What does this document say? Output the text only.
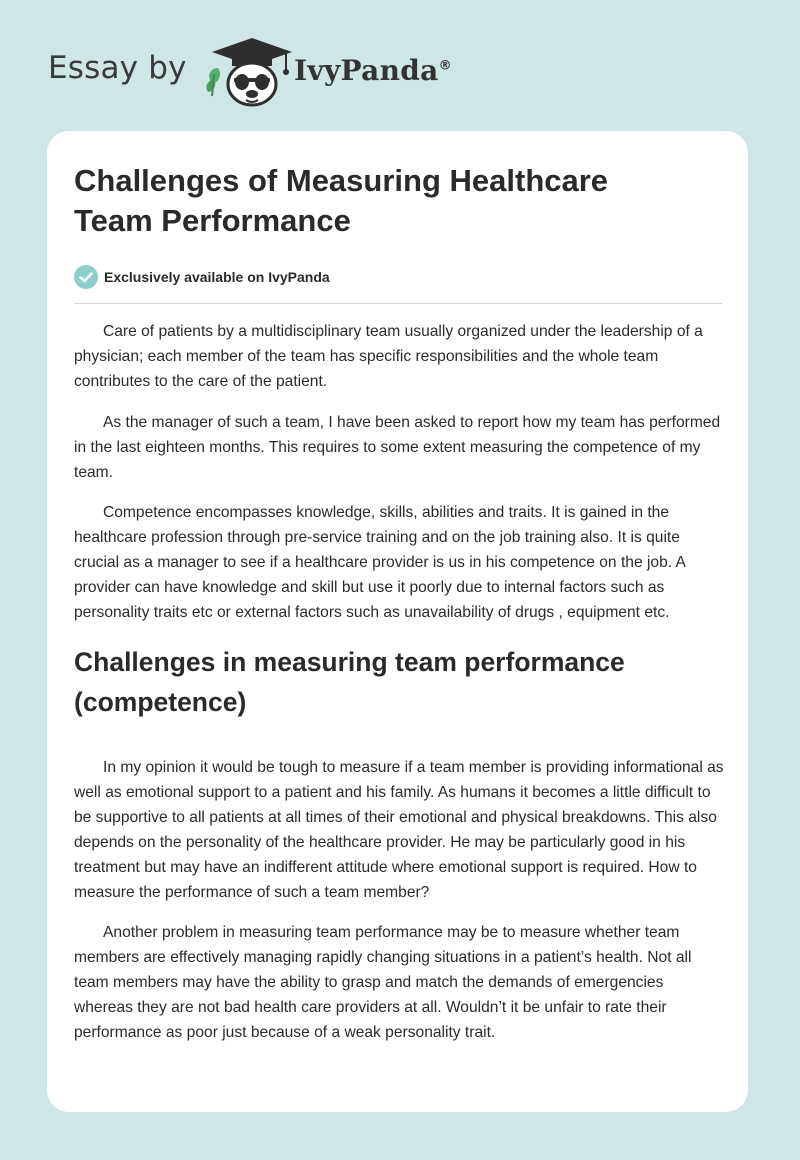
Essay by	IvyPanda®
Challenges of Measuring Healthcare Team Performance
Exclusively available on IvyPanda

Care of patients by a multidisciplinary team usually organized under the leadership of a physician; each member of the team has specific responsibilities and the whole team contributes to the care of the patient.

As the manager of such a team, I have been asked to report how my team has performed in the last eighteen months. This requires to some extent measuring the competence of my team.

Competence encompasses knowledge, skills, abilities and traits. It is gained in the healthcare profession through pre-service training and on the job training also. It is quite crucial as a manager to see if a healthcare provider is us in his competence on the job. A provider can have knowledge and skill but use it poorly due to internal factors such as personality traits etc or external factors such as unavailability of drugs , equipment etc.

Challenges in measuring team performance (competence)

In my opinion it would be tough to measure if a team member is providing informational as well as emotional support to a patient and his family. As humans it becomes a little difficult to be supportive to all patients at all times of their emotional and physical breakdowns. This also depends on the personality of the healthcare provider. He may be particularly good in his treatment but may have an indifferent attitude where emotional support is required. How to measure the performance of such a team member?

Another problem in measuring team performance may be to measure whether team members are effectively managing rapidly changing situations in a patient’s health. Not all team members may have the ability to grasp and match the demands of emergencies whereas they are not bad health care providers at all. Wouldn’t it be unfair to rate their performance as poor just because of a weak personality trait.
